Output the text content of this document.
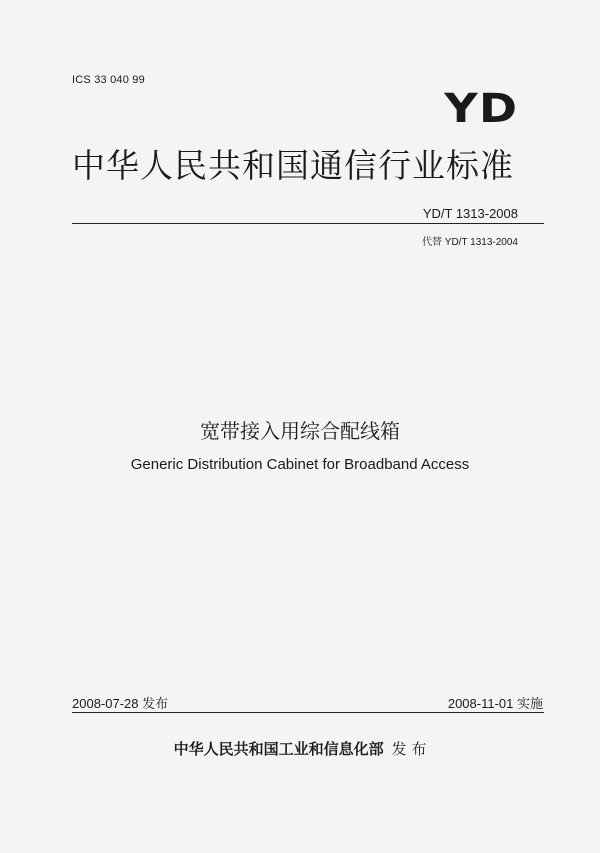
ICS 33 040 99
YD
中华人民共和国通信行业标准
YD/T 1313-2008
代替 YD/T 1313-2004
宽带接入用综合配线箱
Generic Distribution Cabinet for Broadband Access
2008-07-28 发布	2008-11-01 实施
中华人民共和国工业和信息化部 发 布
